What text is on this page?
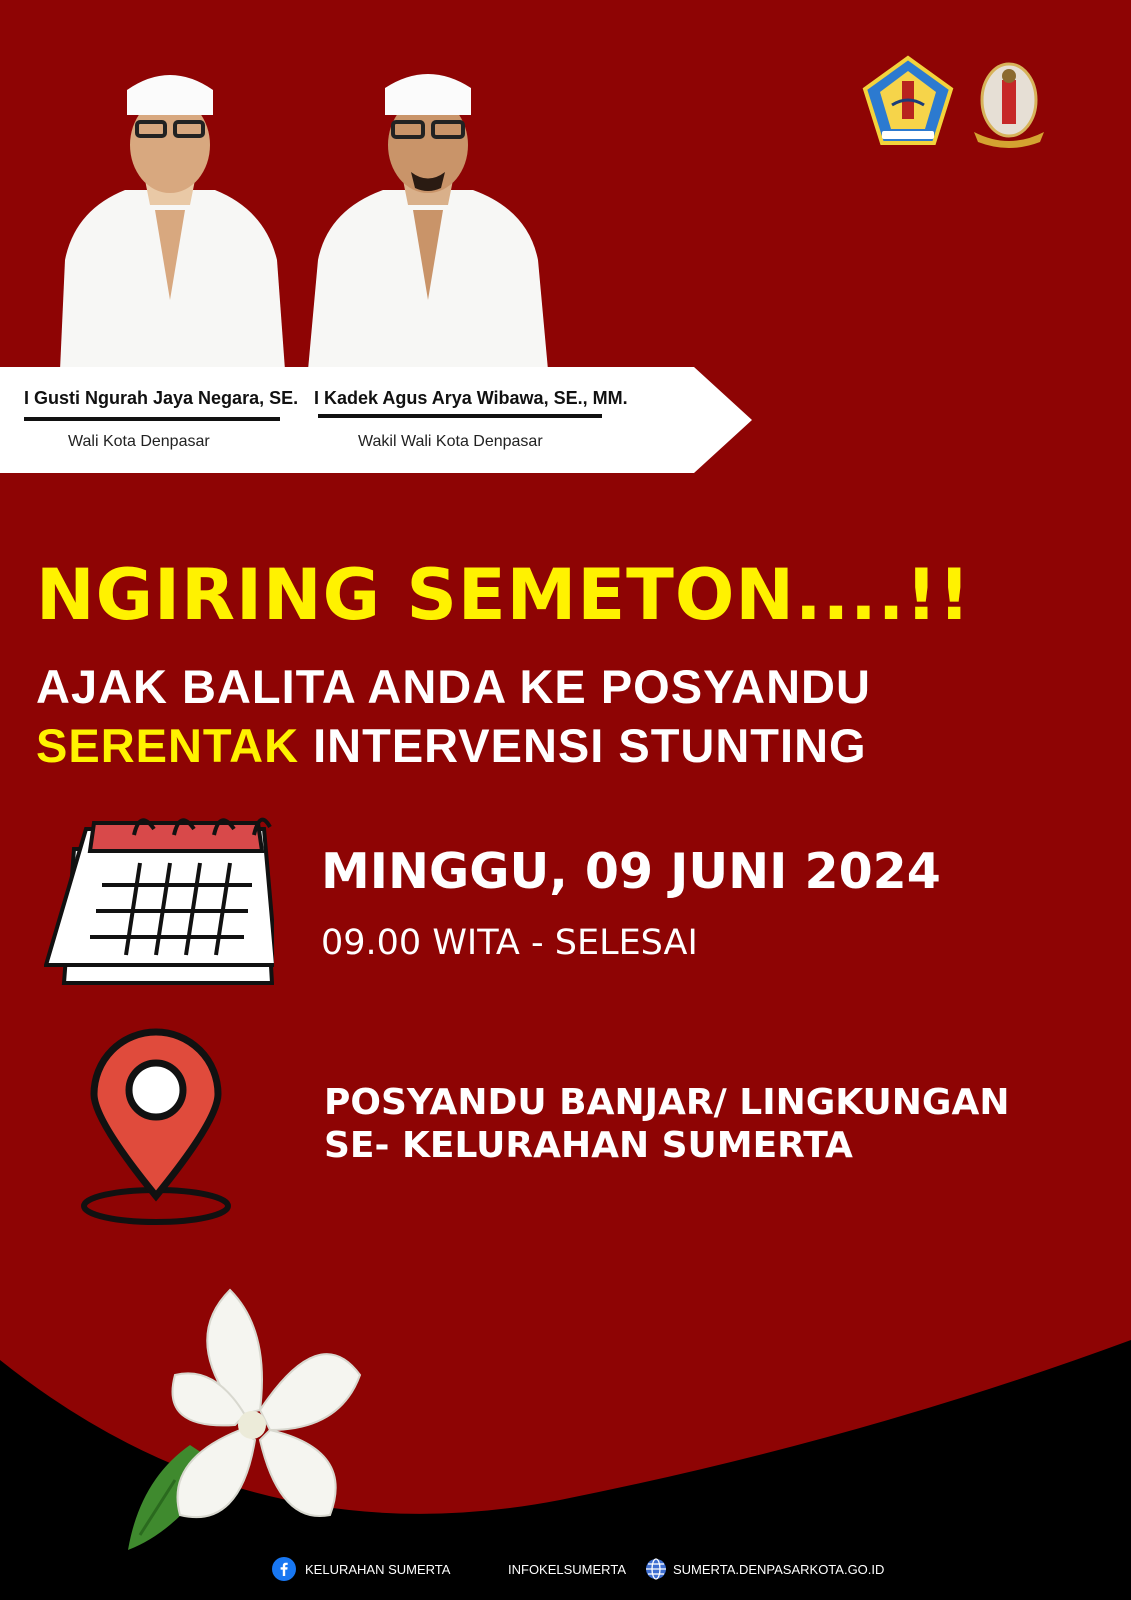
I Gusti Ngurah Jaya Negara, SE.
Wali Kota Denpasar
I Kadek Agus Arya Wibawa, SE., MM.
Wakil Wali Kota Denpasar
NGIRING SEMETON....!!
AJAK BALITA ANDA KE POSYANDU
SERENTAK INTERVENSI STUNTING
MINGGU, 09 JUNI 2024
09.00 WITA - SELESAI
POSYANDU BANJAR/ LINGKUNGAN
SE- KELURAHAN SUMERTA
KELURAHAN SUMERTA	INFOKELSUMERTA	SUMERTA.DENPASARKOTA.GO.ID
